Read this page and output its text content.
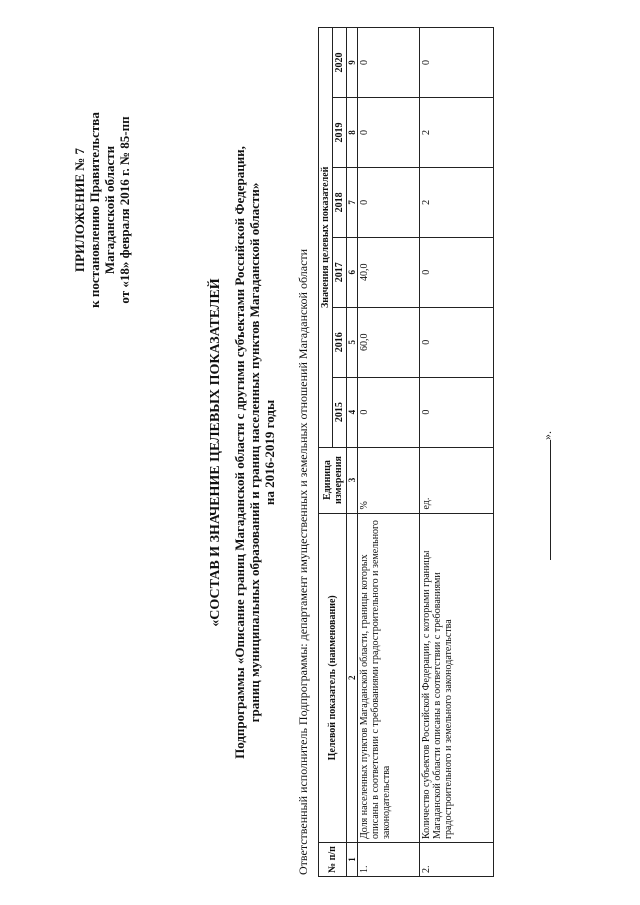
ПРИЛОЖЕНИЕ № 7 к постановлению Правительства Магаданской области от «18» февраля 2016 г. № 85-пп
«СОСТАВ И ЗНАЧЕНИЕ ЦЕЛЕВЫХ ПОКАЗАТЕЛЕЙ Подпрограммы «Описание границ Магаданской области с другими субъектами Российской Федерации, границ муниципальных образований и границ населенных пунктов Магаданской области» на 2016-2019 годы Ответственный исполнитель Подпрограммы: департамент имущественных и земельных отношений Магаданской области № п/п	Целевой показатель (наименование)	Единица измерения	Значения целевых показателей					
			2015	2016	2017	2018	2019	2020
1	2	3	4	5	6	7	8	9
1.	Доля населенных пунктов Магаданской области, границы которых описаны в соответствии с требованиями градостроительного и земельного законодательства	%	0	60,0	40,0	0	0	0
2.	Количество субъектов Российской Федерации, с которыми границы Магаданской области описаны в соответствии с требованиями градостроительного и земельного законодательства	ед.	0	0	0	2	2	0
».
